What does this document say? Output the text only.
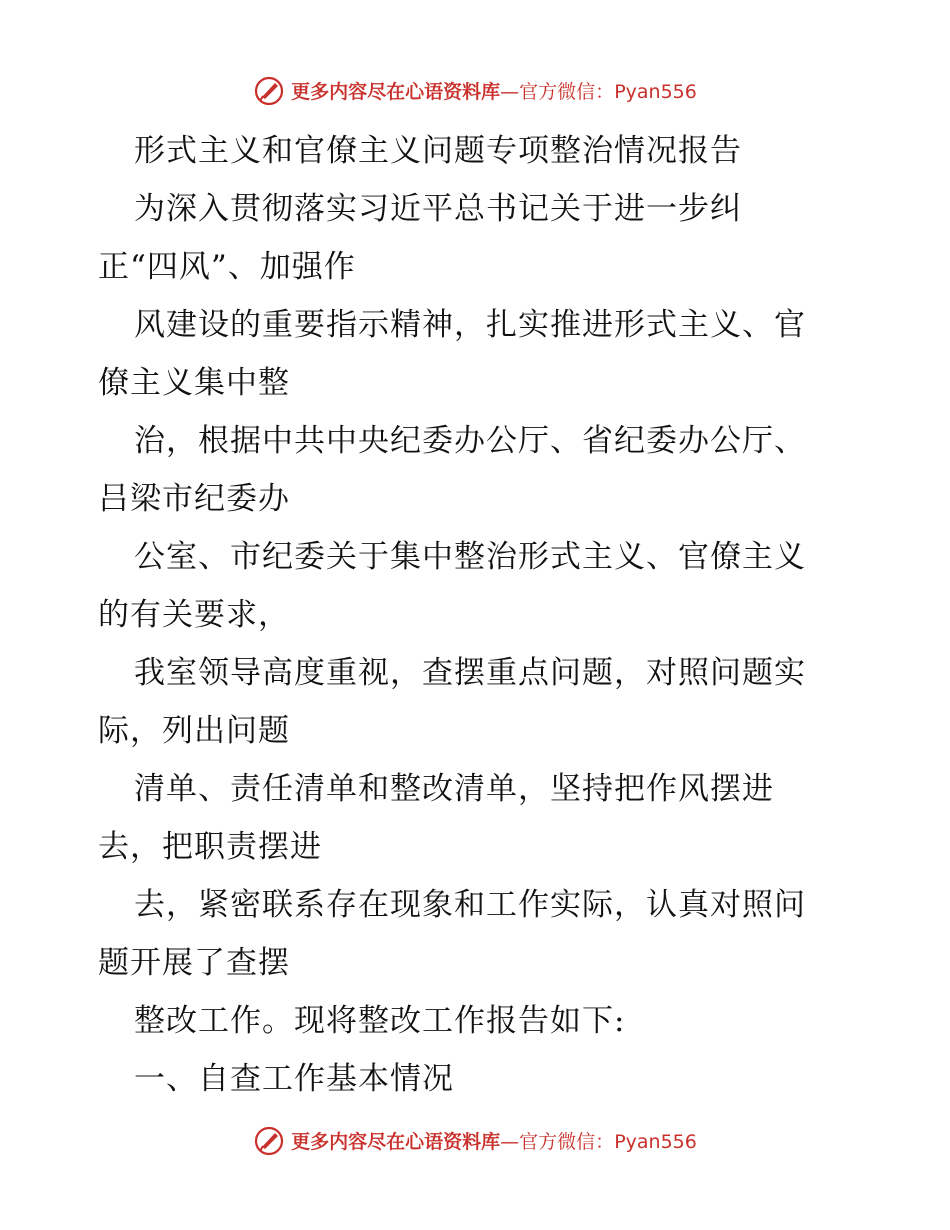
更多内容尽在心语资料库—官方微信：Pyan556
形式主义和官僚主义问题专项整治情况报告
为深入贯彻落实习近平总书记关于进一步纠
正“四风”、加强作
风建设的重要指示精神，扎实推进形式主义、官
僚主义集中整
治，根据中共中央纪委办公厅、省纪委办公厅、
吕梁市纪委办
公室、市纪委关于集中整治形式主义、官僚主义
的有关要求，
我室领导高度重视，查摆重点问题，对照问题实
际，列出问题
清单、责任清单和整改清单，坚持把作风摆进
去，把职责摆进
去，紧密联系存在现象和工作实际，认真对照问
题开展了查摆
整改工作。现将整改工作报告如下:
一、自查工作基本情况
更多内容尽在心语资料库—官方微信：Pyan556
